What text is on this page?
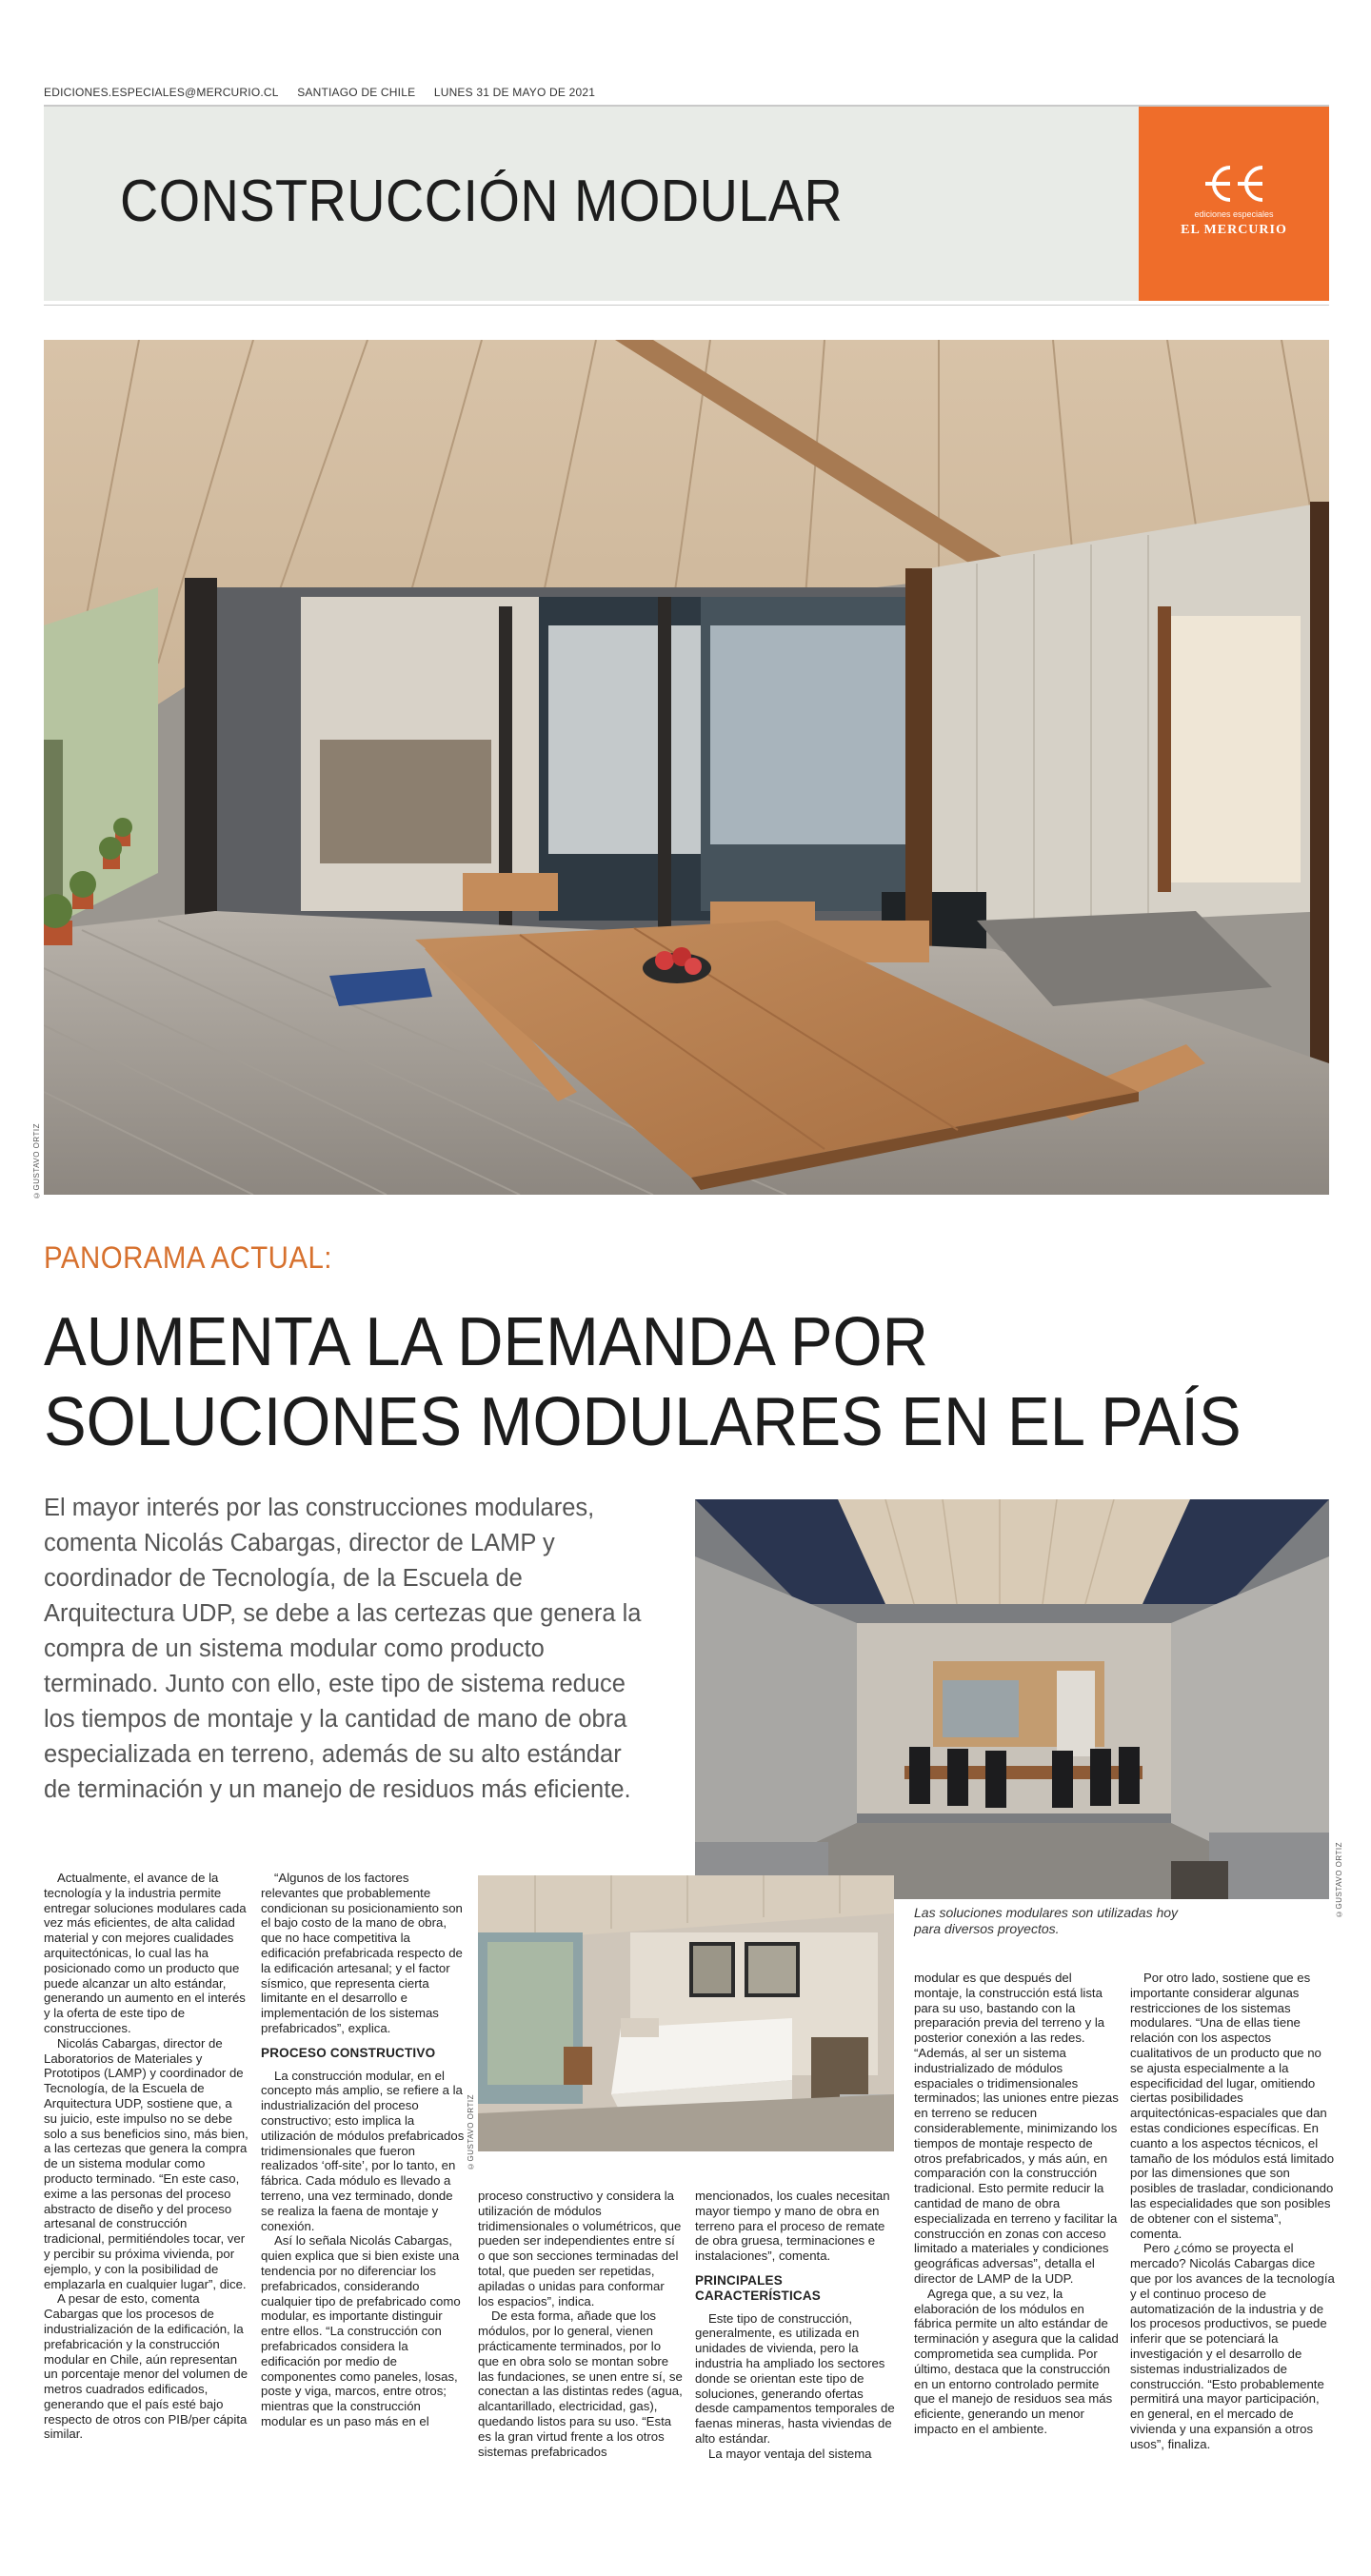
EDICIONES.ESPECIALES@MERCURIO.CL SANTIAGO DE CHILE LUNES 31 DE MAYO DE 2021
CONSTRUCCIÓN MODULAR	ediciones especiales
EL MERCURIO
©GUSTAVO ORTIZ
PANORAMA ACTUAL:
AUMENTA LA DEMANDA POR
SOLUCIONES MODULARES EN EL PAÍS

El mayor interés por las construcciones modulares, comenta Nicolás Cabargas, director de LAMP y coordinador de Tecnología, de la Escuela de Arquitectura UDP, se debe a las certezas que genera la compra de un sistema modular como producto terminado. Junto con ello, este tipo de sistema reduce los tiempos de montaje y la cantidad de mano de obra especializada en terreno, además de su alto estándar de terminación y un manejo de residuos más eficiente.

©GUSTAVO ORTIZ
Las soluciones modulares son utilizadas hoy para diversos proyectos.
©GUSTAVO ORTIZ

Actualmente, el avance de la tecnología y la industria permite entregar soluciones modulares cada vez más eficientes, de alta calidad material y con mejores cualidades arquitectónicas, lo cual las ha posicionado como un producto que puede alcanzar un alto estándar, generando un aumento en el interés y la oferta de este tipo de construcciones.

Nicolás Cabargas, director de Laboratorios de Materiales y Prototipos (LAMP) y coordinador de Tecnología, de la Escuela de Arquitectura UDP, sostiene que, a su juicio, este impulso no se debe solo a sus beneficios sino, más bien, a las certezas que genera la compra de un sistema modular como producto terminado. “En este caso, exime a las personas del proceso abstracto de diseño y del proceso artesanal de construcción tradicional, permitiéndoles tocar, ver y percibir su próxima vivienda, por ejemplo, y con la posibilidad de emplazarla en cualquier lugar”, dice.

A pesar de esto, comenta Cabargas que los procesos de industrialización de la edificación, la prefabricación y la construcción modular en Chile, aún representan un porcentaje menor del volumen de metros cuadrados edificados, generando que el país esté bajo respecto de otros con PIB/per cápita similar.

“Algunos de los factores relevantes que probablemente condicionan su posicionamiento son el bajo costo de la mano de obra, que no hace competitiva la edificación prefabricada respecto de la edificación artesanal; y el factor sísmico, que representa cierta limitante en el desarrollo e implementación de los sistemas prefabricados”, explica.

PROCESO CONSTRUCTIVO

La construcción modular, en el concepto más amplio, se refiere a la industrialización del proceso constructivo; esto implica la utilización de módulos prefabricados tridimensionales que fueron realizados ‘off-site’, por lo tanto, en fábrica. Cada módulo es llevado a terreno, una vez terminado, donde se realiza la faena de montaje y conexión.

Así lo señala Nicolás Cabargas, quien explica que si bien existe una tendencia por no diferenciar los prefabricados, considerando cualquier tipo de prefabricado como modular, es importante distinguir entre ellos. “La construcción con prefabricados considera la edificación por medio de componentes como paneles, losas, poste y viga, marcos, entre otros; mientras que la construcción modular es un paso más en el

proceso constructivo y considera la utilización de módulos tridimensionales o volumétricos, que pueden ser independientes entre sí o que son secciones terminadas del total, que pueden ser repetidas, apiladas o unidas para conformar los espacios”, indica.

De esta forma, añade que los módulos, por lo general, vienen prácticamente terminados, por lo que en obra solo se montan sobre las fundaciones, se unen entre sí, se conectan a las distintas redes (agua, alcantarillado, electricidad, gas), quedando listos para su uso. “Esta es la gran virtud frente a los otros sistemas prefabricados

mencionados, los cuales necesitan mayor tiempo y mano de obra en terreno para el proceso de remate de obra gruesa, terminaciones e instalaciones”, comenta.

PRINCIPALES CARACTERÍSTICAS

Este tipo de construcción, generalmente, es utilizada en unidades de vivienda, pero la industria ha ampliado los sectores donde se orientan este tipo de soluciones, generando ofertas desde campamentos temporales de faenas mineras, hasta viviendas de alto estándar.

La mayor ventaja del sistema

modular es que después del montaje, la construcción está lista para su uso, bastando con la preparación previa del terreno y la posterior conexión a las redes. “Además, al ser un sistema industrializado de módulos espaciales o tridimensionales terminados; las uniones entre piezas en terreno se reducen considerablemente, minimizando los tiempos de montaje respecto de otros prefabricados, y más aún, en comparación con la construcción tradicional. Esto permite reducir la cantidad de mano de obra especializada en terreno y facilitar la construcción en zonas con acceso limitado a materiales y condiciones geográficas adversas”, detalla el director de LAMP de la UDP.

Agrega que, a su vez, la elaboración de los módulos en fábrica permite un alto estándar de terminación y asegura que la calidad comprometida sea cumplida. Por último, destaca que la construcción en un entorno controlado permite que el manejo de residuos sea más eficiente, generando un menor impacto en el ambiente.

Por otro lado, sostiene que es importante considerar algunas restricciones de los sistemas modulares. “Una de ellas tiene relación con los aspectos cualitativos de un producto que no se ajusta especialmente a la especificidad del lugar, omitiendo ciertas posibilidades arquitectónicas-espaciales que dan estas condiciones específicas. En cuanto a los aspectos técnicos, el tamaño de los módulos está limitado por las dimensiones que son posibles de trasladar, condicionando las especialidades que son posibles de obtener con el sistema”, comenta.

Pero ¿cómo se proyecta el mercado? Nicolás Cabargas dice que por los avances de la tecnología y el continuo proceso de automatización de la industria y de los procesos productivos, se puede inferir que se potenciará la investigación y el desarrollo de sistemas industrializados de construcción. “Esto probablemente permitirá una mayor participación, en general, en el mercado de vivienda y una expansión a otros usos”, finaliza.
